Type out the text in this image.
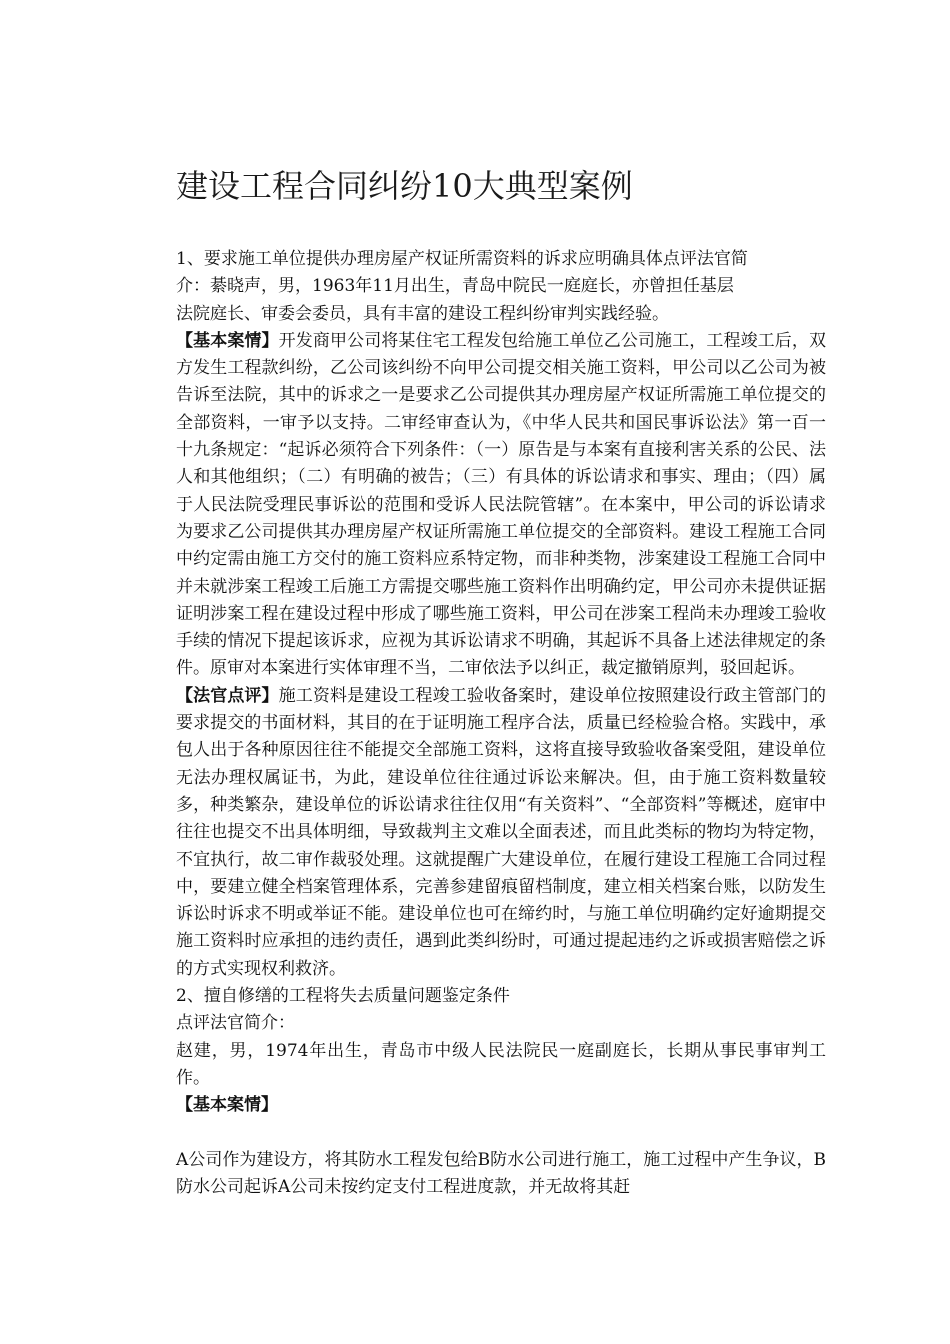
建设工程合同纠纷10大典型案例

1、要求施工单位提供办理房屋产权证所需资料的诉求应明确具体点评法官简

介：綦晓声，男，1963年11月出生，青岛中院民一庭庭长，亦曾担任基层

法院庭长、审委会委员，具有丰富的建设工程纠纷审判实践经验。

【基本案情】开发商甲公司将某住宅工程发包给施工单位乙公司施工，工程竣工后，双方发生工程款纠纷，乙公司该纠纷不向甲公司提交相关施工资料，甲公司以乙公司为被告诉至法院，其中的诉求之一是要求乙公司提供其办理房屋产权证所需施工单位提交的全部资料，一审予以支持。二审经审查认为，《中华人民共和国民事诉讼法》第一百一十九条规定：“起诉必须符合下列条件：（一）原告是与本案有直接利害关系的公民、法人和其他组织；（二）有明确的被告；（三）有具体的诉讼请求和事实、理由；（四）属于人民法院受理民事诉讼的范围和受诉人民法院管辖”。在本案中，甲公司的诉讼请求为要求乙公司提供其办理房屋产权证所需施工单位提交的全部资料。建设工程施工合同中约定需由施工方交付的施工资料应系特定物，而非种类物，涉案建设工程施工合同中并未就涉案工程竣工后施工方需提交哪些施工资料作出明确约定，甲公司亦未提供证据证明涉案工程在建设过程中形成了哪些施工资料，甲公司在涉案工程尚未办理竣工验收手续的情况下提起该诉求，应视为其诉讼请求不明确，其起诉不具备上述法律规定的条件。原审对本案进行实体审理不当，二审依法予以纠正，裁定撤销原判，驳回起诉。

【法官点评】施工资料是建设工程竣工验收备案时，建设单位按照建设行政主管部门的要求提交的书面材料，其目的在于证明施工程序合法，质量已经检验合格。实践中，承包人出于各种原因往往不能提交全部施工资料，这将直接导致验收备案受阻，建设单位无法办理权属证书，为此，建设单位往往通过诉讼来解决。但，由于施工资料数量较多，种类繁杂，建设单位的诉讼请求往往仅用“有关资料”、“全部资料”等概述，庭审中往往也提交不出具体明细，导致裁判主文难以全面表述，而且此类标的物均为特定物，不宜执行，故二审作裁驳处理。这就提醒广大建设单位，在履行建设工程施工合同过程中，要建立健全档案管理体系，完善参建留痕留档制度，建立相关档案台账，以防发生诉讼时诉求不明或举证不能。建设单位也可在缔约时，与施工单位明确约定好逾期提交施工资料时应承担的违约责任，遇到此类纠纷时，可通过提起违约之诉或损害赔偿之诉的方式实现权利救济。

2、擅自修缮的工程将失去质量问题鉴定条件

点评法官简介：

赵建，男，1974年出生，青岛市中级人民法院民一庭副庭长，长期从事民事审判工作。

【基本案情】

A公司作为建设方，将其防水工程发包给B防水公司进行施工，施工过程中产生争议，B防水公司起诉A公司未按约定支付工程进度款，并无故将其赶
